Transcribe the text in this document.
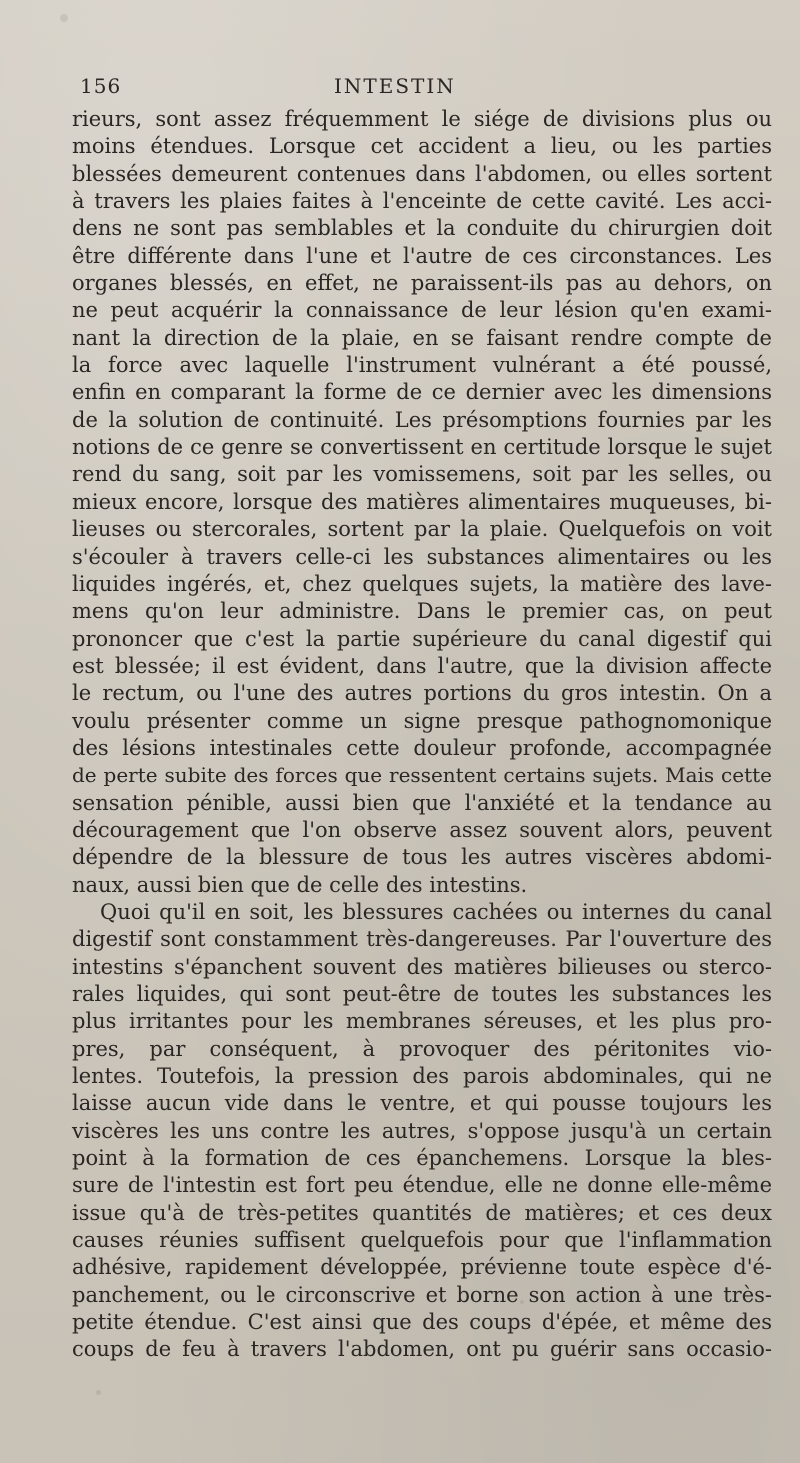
156	INTESTIN
rieurs, sont assez fréquemment le siége de divisions plus ou
moins étendues. Lorsque cet accident a lieu, ou les parties
blessées demeurent contenues dans l'abdomen, ou elles sortent
à travers les plaies faites à l'enceinte de cette cavité. Les acci-
dens ne sont pas semblables et la conduite du chirurgien doit
être différente dans l'une et l'autre de ces circonstances. Les
organes blessés, en effet, ne paraissent-ils pas au dehors, on
ne peut acquérir la connaissance de leur lésion qu'en exami-
nant la direction de la plaie, en se faisant rendre compte de
la force avec laquelle l'instrument vulnérant a été poussé,
enfin en comparant la forme de ce dernier avec les dimensions
de la solution de continuité. Les présomptions fournies par les
notions de ce genre se convertissent en certitude lorsque le sujet
rend du sang, soit par les vomissemens, soit par les selles, ou
mieux encore, lorsque des matières alimentaires muqueuses, bi-
lieuses ou stercorales, sortent par la plaie. Quelquefois on voit
s'écouler à travers celle-ci les substances alimentaires ou les
liquides ingérés, et, chez quelques sujets, la matière des lave-
mens qu'on leur administre. Dans le premier cas, on peut
prononcer que c'est la partie supérieure du canal digestif qui
est blessée; il est évident, dans l'autre, que la division affecte
le rectum, ou l'une des autres portions du gros intestin. On a
voulu présenter comme un signe presque pathognomonique
des lésions intestinales cette douleur profonde, accompagnée
de perte subite des forces que ressentent certains sujets. Mais cette
sensation pénible, aussi bien que l'anxiété et la tendance au
découragement que l'on observe assez souvent alors, peuvent
dépendre de la blessure de tous les autres viscères abdomi-
naux, aussi bien que de celle des intestins.
Quoi qu'il en soit, les blessures cachées ou internes du canal
digestif sont constamment très-dangereuses. Par l'ouverture des
intestins s'épanchent souvent des matières bilieuses ou sterco-
rales liquides, qui sont peut-être de toutes les substances les
plus irritantes pour les membranes séreuses, et les plus pro-
pres, par conséquent, à provoquer des péritonites vio-
lentes. Toutefois, la pression des parois abdominales, qui ne
laisse aucun vide dans le ventre, et qui pousse toujours les
viscères les uns contre les autres, s'oppose jusqu'à un certain
point à la formation de ces épanchemens. Lorsque la bles-
sure de l'intestin est fort peu étendue, elle ne donne elle-même
issue qu'à de très-petites quantités de matières; et ces deux
causes réunies suffisent quelquefois pour que l'inflammation
adhésive, rapidement développée, prévienne toute espèce d'é-
panchement, ou le circonscrive et borne son action à une très-
petite étendue. C'est ainsi que des coups d'épée, et même des
coups de feu à travers l'abdomen, ont pu guérir sans occasio-
